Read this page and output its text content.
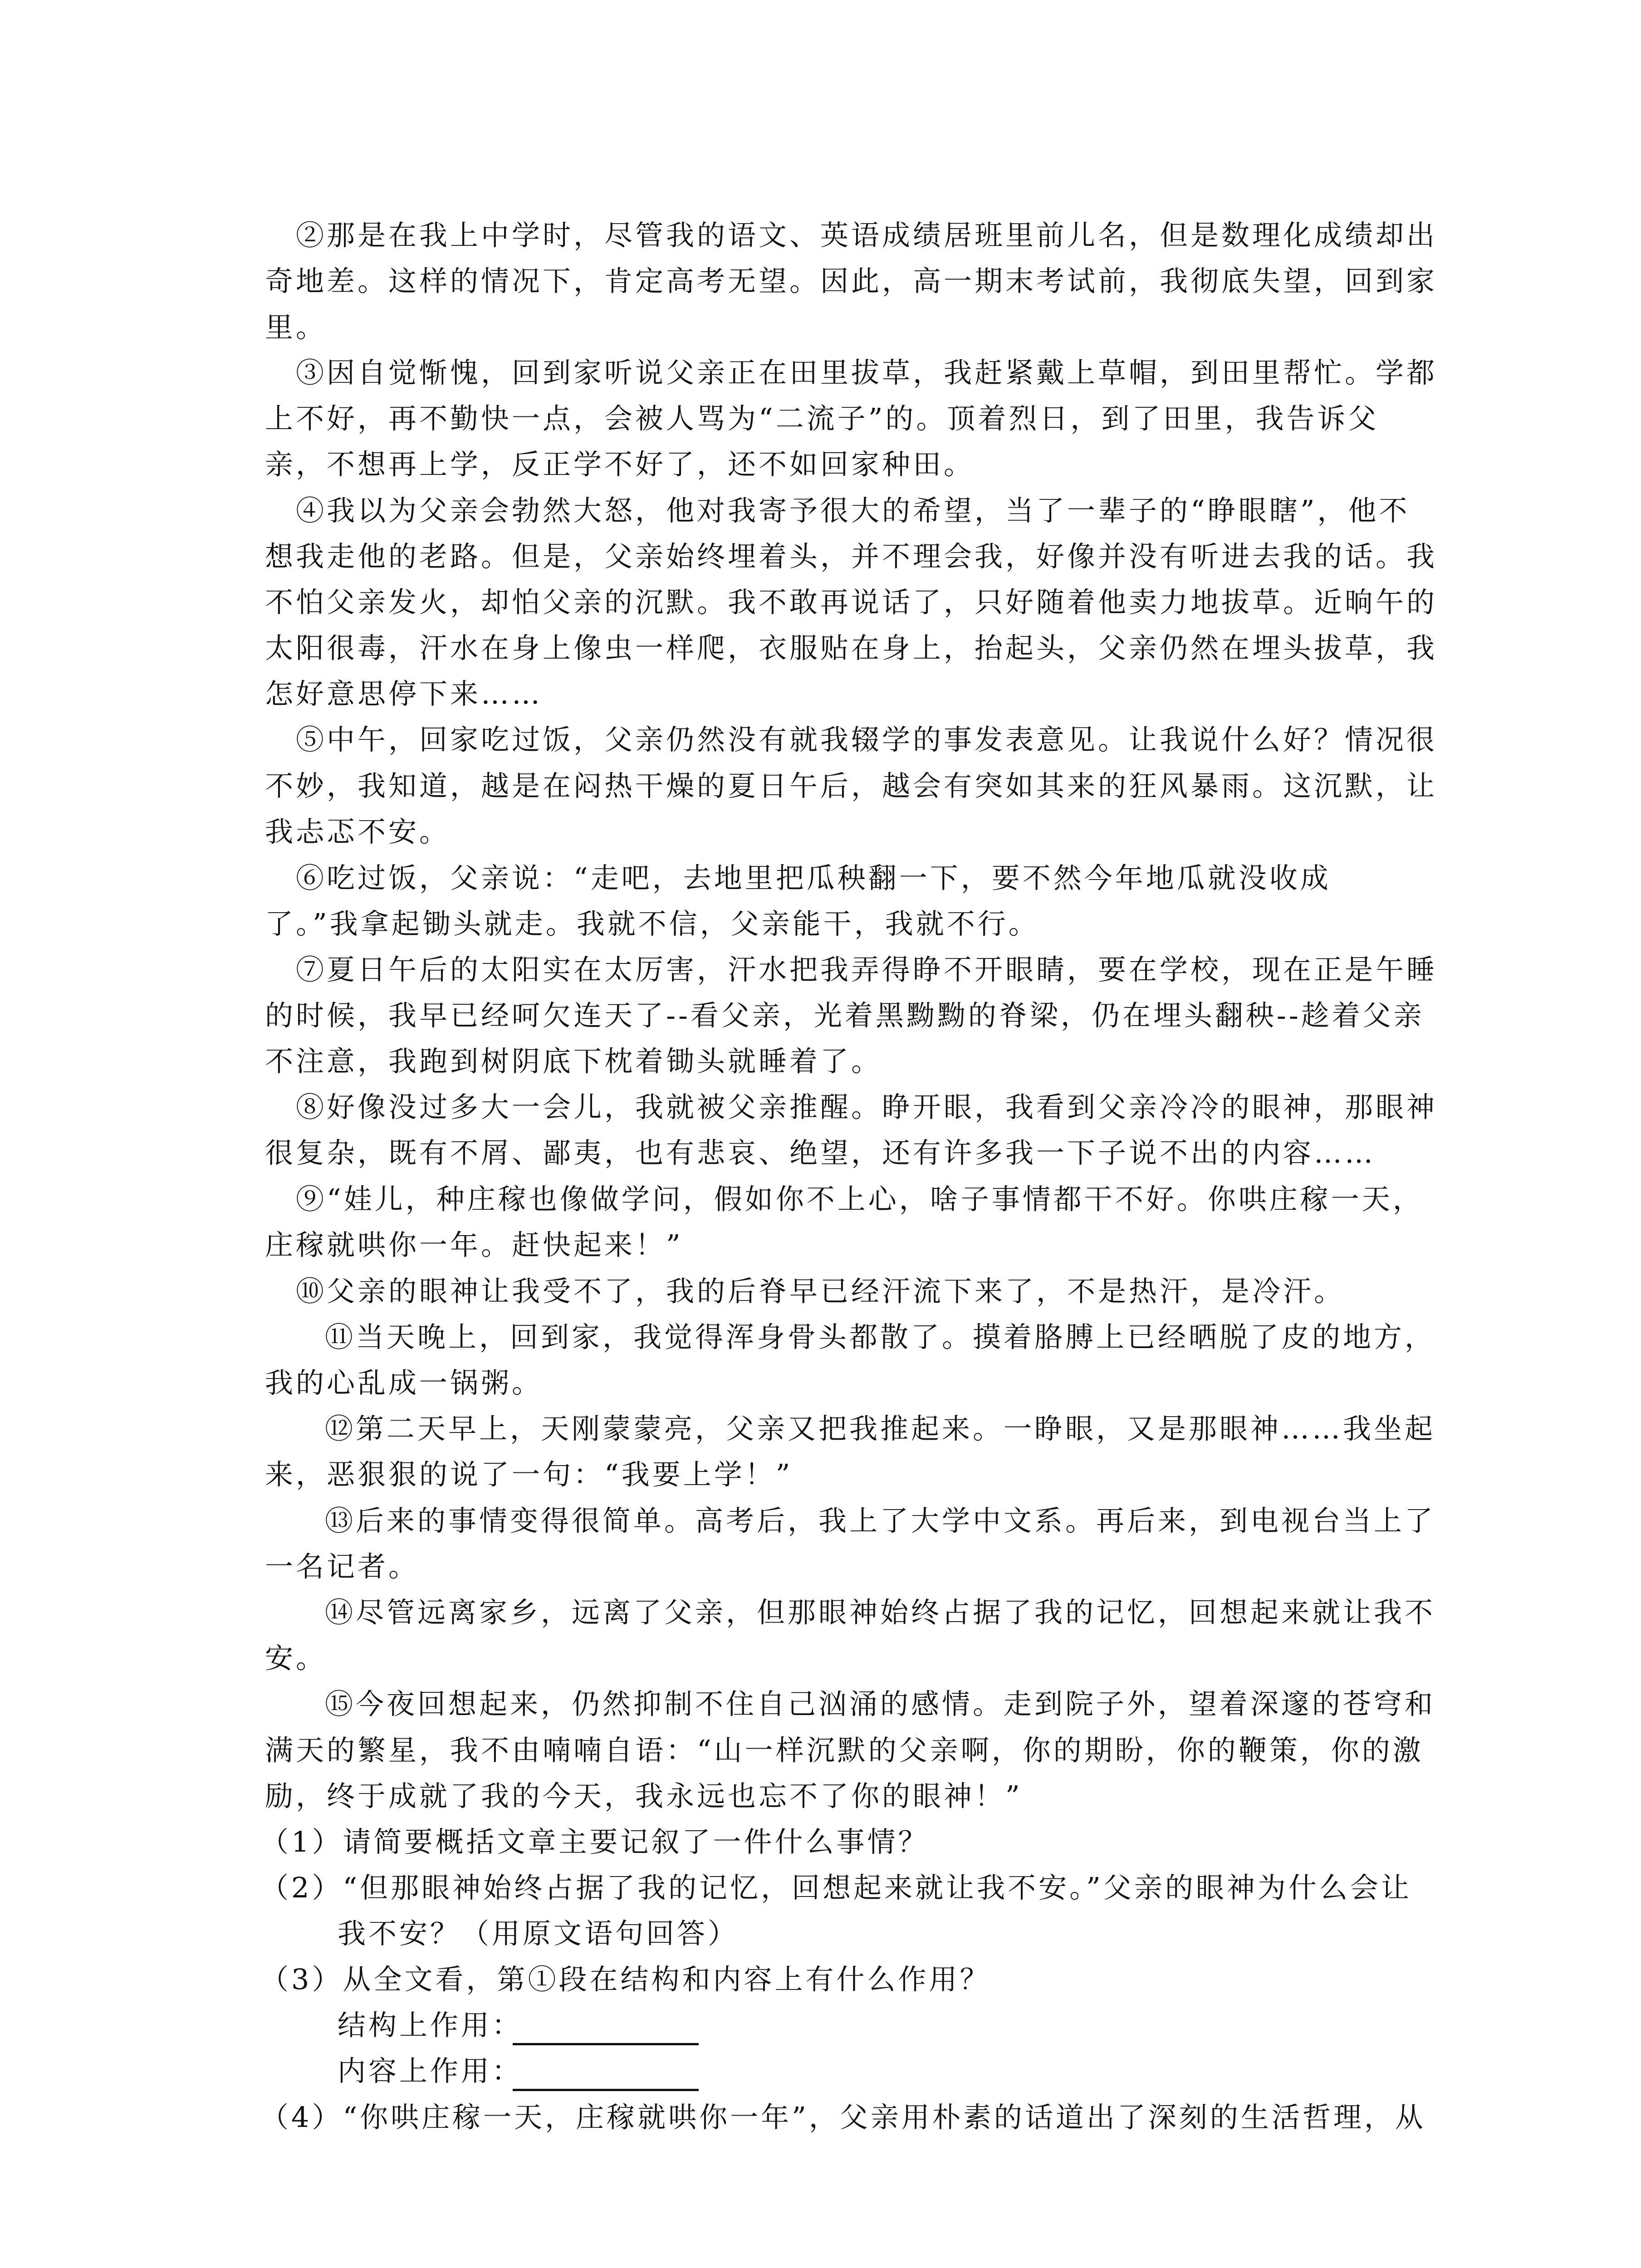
②那是在我上中学时，尽管我的语文、英语成绩居班里前儿名，但是数理化成绩却出
奇地差。这样的情况下，肯定高考无望。因此，高一期末考试前，我彻底失望，回到家
里。
③因自觉惭愧，回到家听说父亲正在田里拔草，我赶紧戴上草帽，到田里帮忙。学都
上不好，再不勤快一点，会被人骂为“二流子”的。顶着烈日，到了田里，我告诉父
亲，不想再上学，反正学不好了，还不如回家种田。
④我以为父亲会勃然大怒，他对我寄予很大的希望，当了一辈子的“睁眼瞎”，他不
想我走他的老路。但是，父亲始终埋着头，并不理会我，好像并没有听进去我的话。我
不怕父亲发火，却怕父亲的沉默。我不敢再说话了，只好随着他卖力地拔草。近晌午的
太阳很毒，汗水在身上像虫一样爬，衣服贴在身上，抬起头，父亲仍然在埋头拔草，我
怎好意思停下来……
⑤中午，回家吃过饭，父亲仍然没有就我辍学的事发表意见。让我说什么好？情况很
不妙，我知道，越是在闷热干燥的夏日午后，越会有突如其来的狂风暴雨。这沉默，让
我忐忑不安。
⑥吃过饭，父亲说：“走吧，去地里把瓜秧翻一下，要不然今年地瓜就没收成
了。”我拿起锄头就走。我就不信，父亲能干，我就不行。
⑦夏日午后的太阳实在太厉害，汗水把我弄得睁不开眼睛，要在学校，现在正是午睡
的时候，我早已经呵欠连天了--看父亲，光着黑黝黝的脊梁，仍在埋头翻秧--趁着父亲
不注意，我跑到树阴底下枕着锄头就睡着了。
⑧好像没过多大一会儿，我就被父亲推醒。睁开眼，我看到父亲冷冷的眼神，那眼神
很复杂，既有不屑、鄙夷，也有悲哀、绝望，还有许多我一下子说不出的内容……
⑨“娃儿，种庄稼也像做学问，假如你不上心，啥子事情都干不好。你哄庄稼一天，
庄稼就哄你一年。赶快起来！”
⑩父亲的眼神让我受不了，我的后脊早已经汗流下来了，不是热汗，是冷汗。
⑪当天晚上，回到家，我觉得浑身骨头都散了。摸着胳膊上已经晒脱了皮的地方，
我的心乱成一锅粥。
⑫第二天早上，天刚蒙蒙亮，父亲又把我推起来。一睁眼，又是那眼神……我坐起
来，恶狠狠的说了一句：“我要上学！”
⑬后来的事情变得很简单。高考后，我上了大学中文系。再后来，到电视台当上了
一名记者。
⑭尽管远离家乡，远离了父亲，但那眼神始终占据了我的记忆，回想起来就让我不
安。
⑮今夜回想起来，仍然抑制不住自己汹涌的感情。走到院子外，望着深邃的苍穹和
满天的繁星，我不由喃喃自语：“山一样沉默的父亲啊，你的期盼，你的鞭策，你的激
励，终于成就了我的今天，我永远也忘不了你的眼神！”
（1）请简要概括文章主要记叙了一件什么事情？
（2）“但那眼神始终占据了我的记忆，回想起来就让我不安。”父亲的眼神为什么会让
我不安？（用原文语句回答）
（3）从全文看，第①段在结构和内容上有什么作用？
结构上作用：
内容上作用：
（4）“你哄庄稼一天，庄稼就哄你一年”，父亲用朴素的话道出了深刻的生活哲理，从
